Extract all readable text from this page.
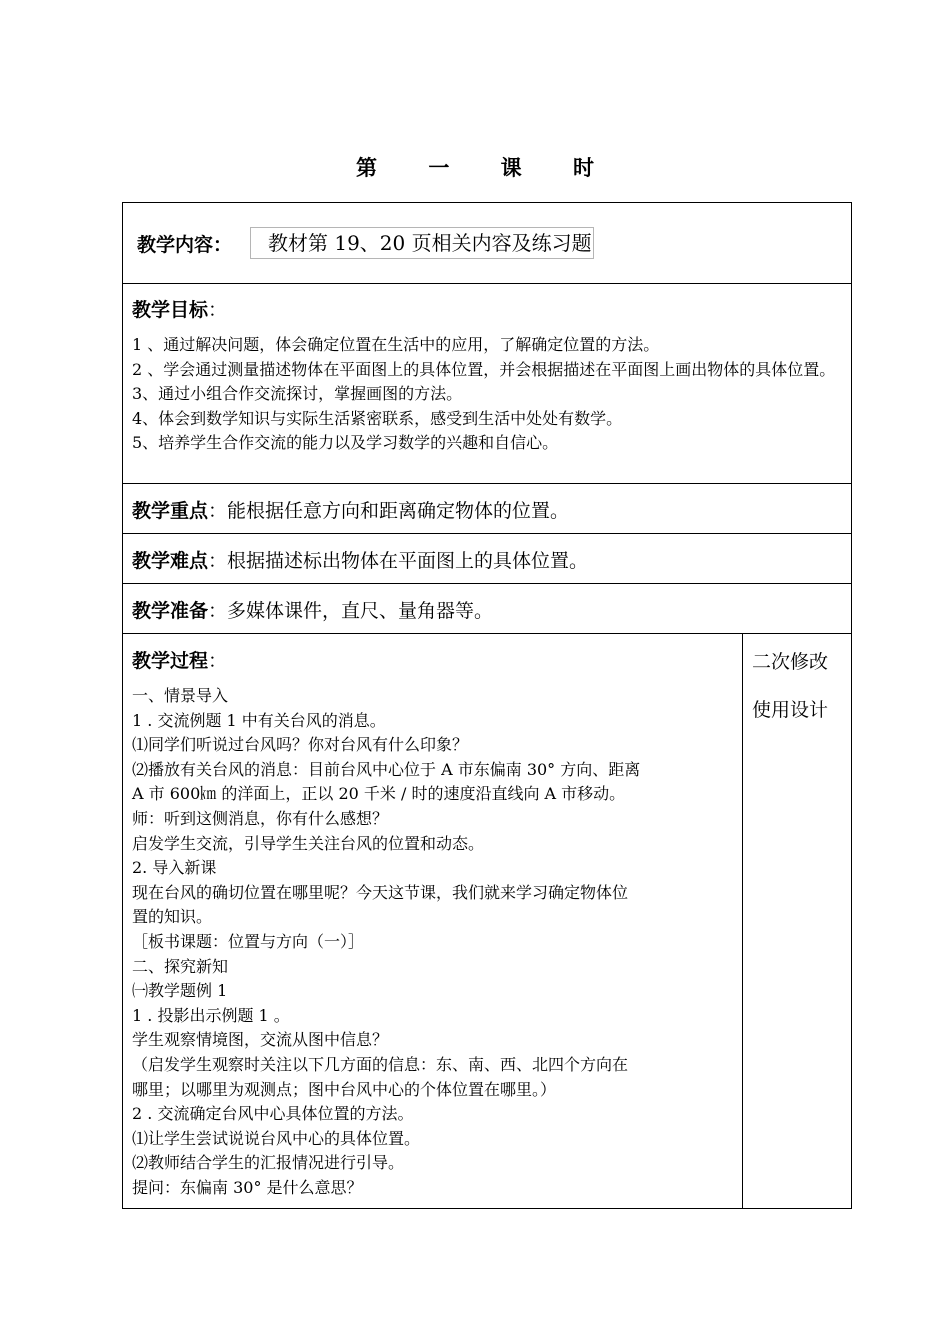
第 一 课 时
教学内容：	教材第 19、20 页相关内容及练习题
教学目标：
1 、通过解决问题，体会确定位置在生活中的应用，了解确定位置的方法。
2 、学会通过测量描述物体在平面图上的具体位置，并会根据描述在平面图上画出物体的具体位置。
3、通过小组合作交流探讨，掌握画图的方法。
4、体会到数学知识与实际生活紧密联系，感受到生活中处处有数学。
5、培养学生合作交流的能力以及学习数学的兴趣和自信心。
教学重点：能根据任意方向和距离确定物体的位置。
教学难点：根据描述标出物体在平面图上的具体位置。
教学准备：多媒体课件，直尺、量角器等。
教学过程：
一、情景导入
1 . 交流例题 1 中有关台风的消息。
⑴同学们听说过台风吗？你对台风有什么印象？
⑵播放有关台风的消息：目前台风中心位于 A 市东偏南 30° 方向、距离
A 市 600㎞ 的洋面上，正以 20 千米 / 时的速度沿直线向 A 市移动。
师：听到这侧消息，你有什么感想？
启发学生交流，引导学生关注台风的位置和动态。
2. 导入新课
现在台风的确切位置在哪里呢？今天这节课，我们就来学习确定物体位
置的知识。
［板书课题：位置与方向（一）］
二、探究新知
㈠教学题例 1
1 . 投影出示例题 1 。
学生观察情境图，交流从图中信息？
（启发学生观察时关注以下几方面的信息：东、南、西、北四个方向在
哪里；以哪里为观测点；图中台风中心的个体位置在哪里。）
2 . 交流确定台风中心具体位置的方法。
⑴让学生尝试说说台风中心的具体位置。
⑵教师结合学生的汇报情况进行引导。
提问：东偏南 30° 是什么意思？
二次修改
使用设计
